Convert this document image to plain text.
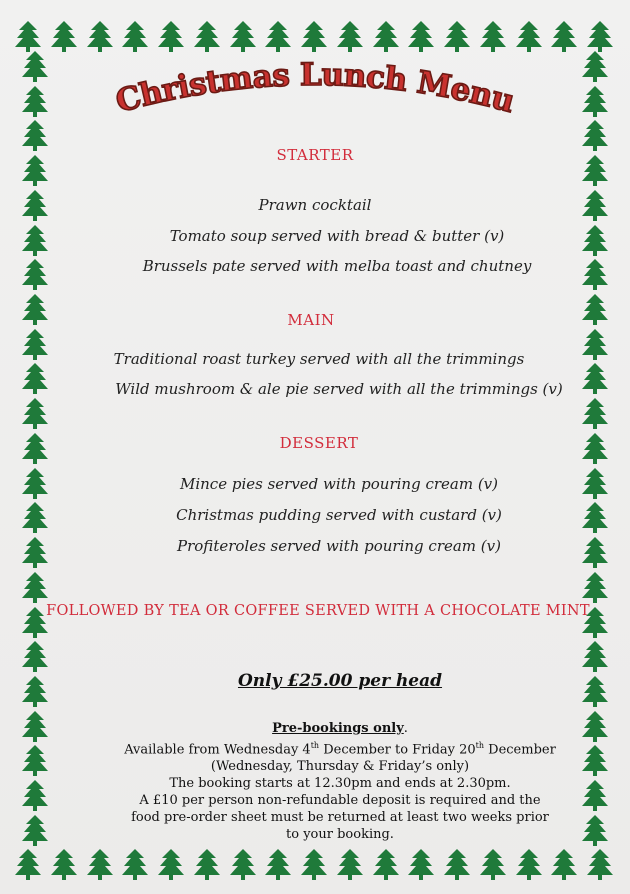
Christmas Lunch Menu
STARTER
Prawn cocktail
Tomato soup served with bread & butter (v)
Brussels pate served with melba toast and chutney
MAIN
Traditional roast turkey served with all the trimmings
Wild mushroom & ale pie served with all the trimmings (v)
DESSERT
Mince pies served with pouring cream (v)
Christmas pudding served with custard (v)
Profiteroles served with pouring cream (v)
FOLLOWED BY TEA OR COFFEE SERVED WITH A CHOCOLATE MINT
Only £25.00 per head
Pre-bookings only.
Available from Wednesday 4th December to Friday 20th December
(Wednesday, Thursday & Friday’s only)
The booking starts at 12.30pm and ends at 2.30pm.
A £10 per person non-refundable deposit is required and the
food pre-order sheet must be returned at least two weeks prior
to your booking.
